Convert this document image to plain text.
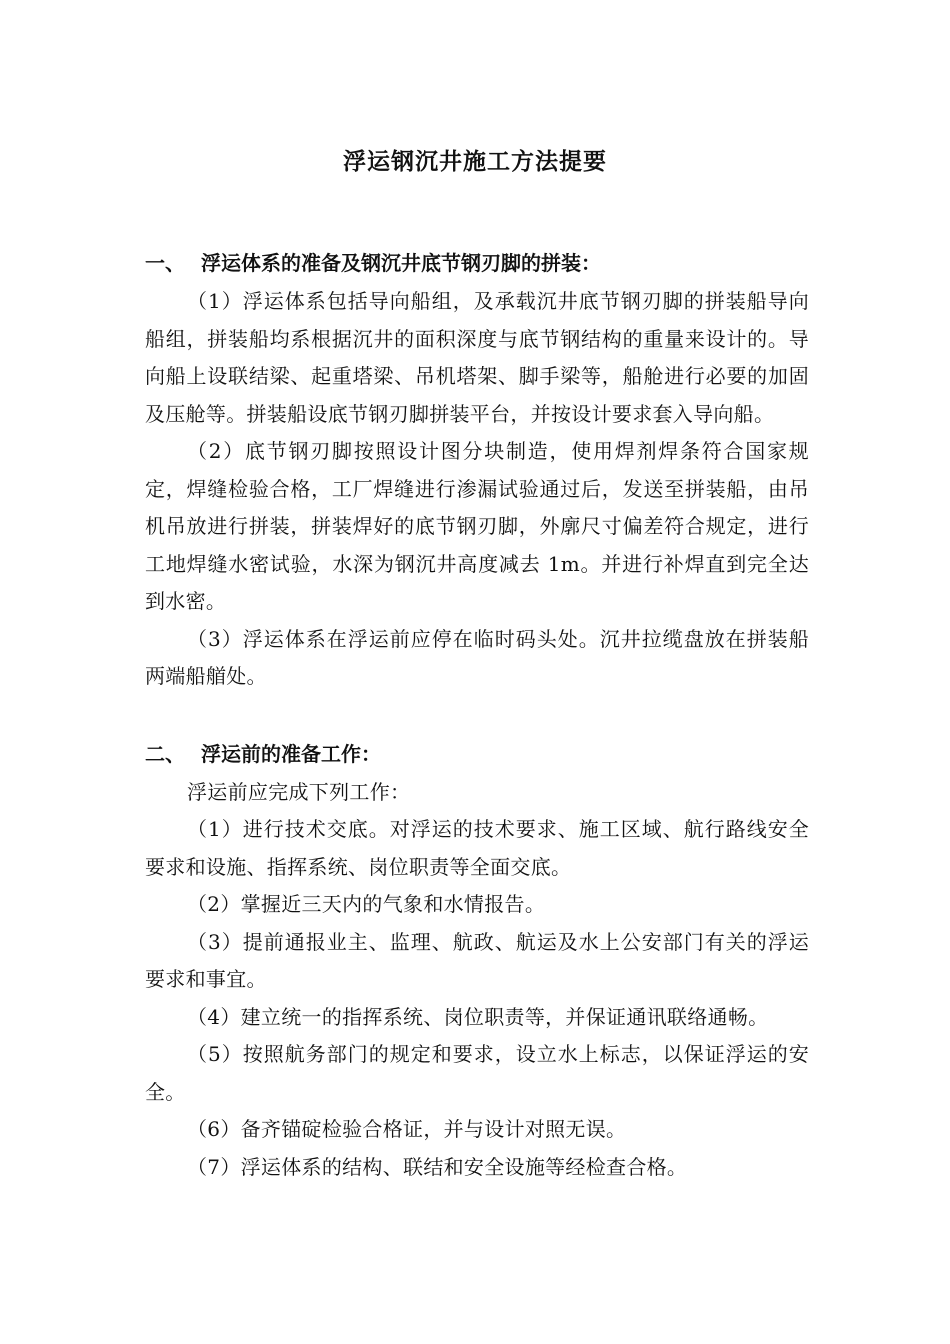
浮运钢沉井施工方法提要
一、 浮运体系的准备及钢沉井底节钢刃脚的拼装：
（1）浮运体系包括导向船组，及承载沉井底节钢刃脚的拼装船导向船组，拼装船均系根据沉井的面积深度与底节钢结构的重量来设计的。导向船上设联结梁、起重塔梁、吊机塔架、脚手梁等，船舱进行必要的加固及压舱等。拼装船设底节钢刃脚拼装平台，并按设计要求套入导向船。
（2）底节钢刃脚按照设计图分块制造，使用焊剂焊条符合国家规定，焊缝检验合格，工厂焊缝进行渗漏试验通过后，发送至拼装船，由吊机吊放进行拼装，拼装焊好的底节钢刃脚，外廓尺寸偏差符合规定，进行工地焊缝水密试验，水深为钢沉井高度减去 1m。并进行补焊直到完全达到水密。
（3）浮运体系在浮运前应停在临时码头处。沉井拉缆盘放在拼装船两端船艏处。
二、 浮运前的准备工作：
浮运前应完成下列工作：
（1）进行技术交底。对浮运的技术要求、施工区域、航行路线安全要求和设施、指挥系统、岗位职责等全面交底。
（2）掌握近三天内的气象和水情报告。
（3）提前通报业主、监理、航政、航运及水上公安部门有关的浮运要求和事宜。
（4）建立统一的指挥系统、岗位职责等，并保证通讯联络通畅。
（5）按照航务部门的规定和要求，设立水上标志，以保证浮运的安全。
（6）备齐锚碇检验合格证，并与设计对照无误。
（7）浮运体系的结构、联结和安全设施等经检查合格。
